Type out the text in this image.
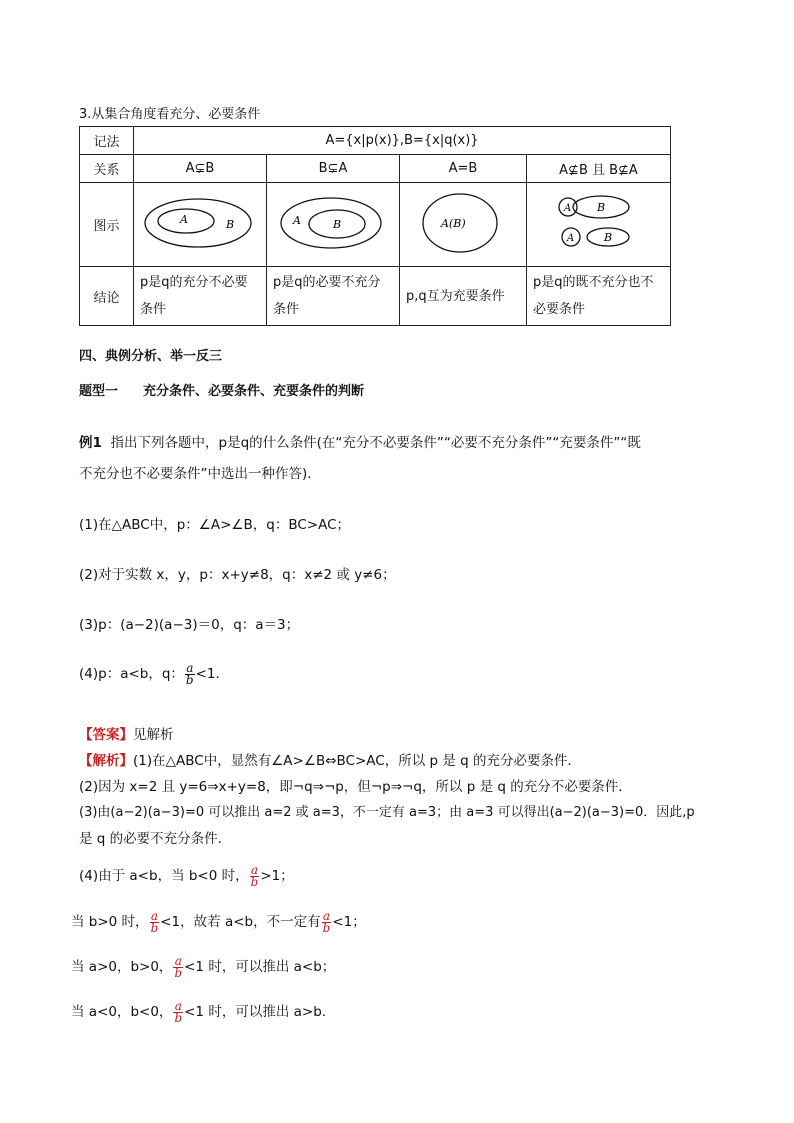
3.从集合角度看充分、必要条件
记法	A={x|p(x)},B={x|q(x)}			
关系	A⊊B	B⊊A	A=B	A⊈B 且 B⊈A
图示	A B	A B	A(B)	A B
A B

结论	p是q的充分不必要条件	p是q的必要不充分条件	p,q互为充要条件	p是q的既不充分也不必要条件
四、典例分析、举一反三
题型一 充分条件、必要条件、充要条件的判断
例1 指出下列各题中，p是q的什么条件(在“充分不必要条件”“必要不充分条件”“充要条件”“既
不充分也不必要条件”中选出一种作答)．
(1)在△ABC中，p：∠A>∠B，q：BC>AC；
(2)对于实数 x，y，p：x+y≠8，q：x≠2 或 y≠6；
(3)p：(a−2)(a−3)＝0，q：a＝3；
(4)p：a<b，q： $\frac{a}{b} <1$.
【答案】见解析
【解析】(1)在△ABC中，显然有∠A>∠B⇔BC>AC，所以 p 是 q 的充分必要条件．
(2)因为 x=2 且 y=6⇒x+y=8，即¬q⇒¬p，但¬p⇒¬q，所以 p 是 q 的充分不必要条件．
(3)由(a−2)(a−3)=0 可以推出 a=2 或 a=3，不一定有 a=3；由 a=3 可以得出(a−2)(a−3)=0．因此,p
是 q 的必要不充分条件．
(4)由于 a<b，当 b<0 时， $\frac{a}{b} >1$；
当 b>0 时， $\frac{a}{b} <1$，故若 a<b，不一定有 $\frac{a}{b} <1$；
当 a>0，b>0， $\frac{a}{b} <1$ 时，可以推出 a<b；
当 a<0，b<0， $\frac{a}{b} <1$ 时，可以推出 a>b.
